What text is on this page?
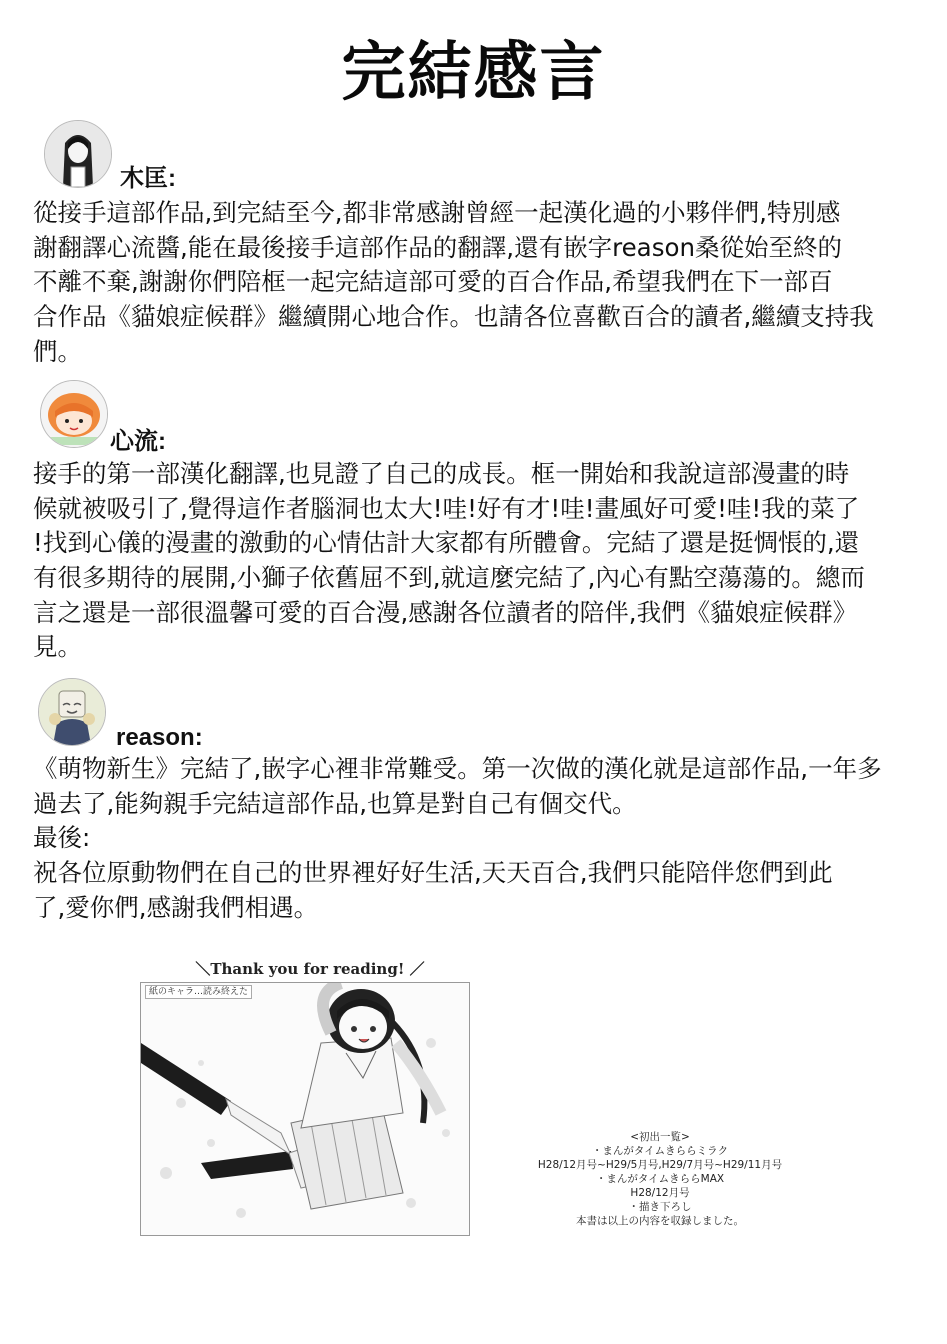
完結感言
木匡:
從接手這部作品,到完結至今,都非常感謝曾經一起漢化過的小夥伴們,特別感
謝翻譯心流醬,能在最後接手這部作品的翻譯,還有嵌字reason桑從始至終的
不離不棄,謝謝你們陪框一起完結這部可愛的百合作品,希望我們在下一部百
合作品《貓娘症候群》繼續開心地合作。也請各位喜歡百合的讀者,繼續支持我
們。
心流:
接手的第一部漢化翻譯,也見證了自己的成長。框一開始和我說這部漫畫的時
候就被吸引了,覺得這作者腦洞也太大!哇!好有才!哇!畫風好可愛!哇!我的菜了
!找到心儀的漫畫的激動的心情估計大家都有所體會。完結了還是挺惆悵的,還
有很多期待的展開,小獅子依舊屈不到,就這麼完結了,內心有點空蕩蕩的。總而
言之還是一部很溫馨可愛的百合漫,感謝各位讀者的陪伴,我們《貓娘症候群》
見。
reason:
《萌物新生》完結了,嵌字心裡非常難受。第一次做的漢化就是這部作品,一年多
過去了,能夠親手完結這部作品,也算是對自己有個交代。
最後:
祝各位原動物們在自己的世界裡好好生活,天天百合,我們只能陪伴您們到此
了,愛你們,感謝我們相遇。
＼Thank you for reading! ／
紙のキャラ…読み終えた
<初出一覧>
・まんがタイムきららミラク
H28/12月号~H29/5月号,H29/7月号~H29/11月号
・まんがタイムきららMAX
H28/12月号
・描き下ろし
本書は以上の内容を収録しました。
